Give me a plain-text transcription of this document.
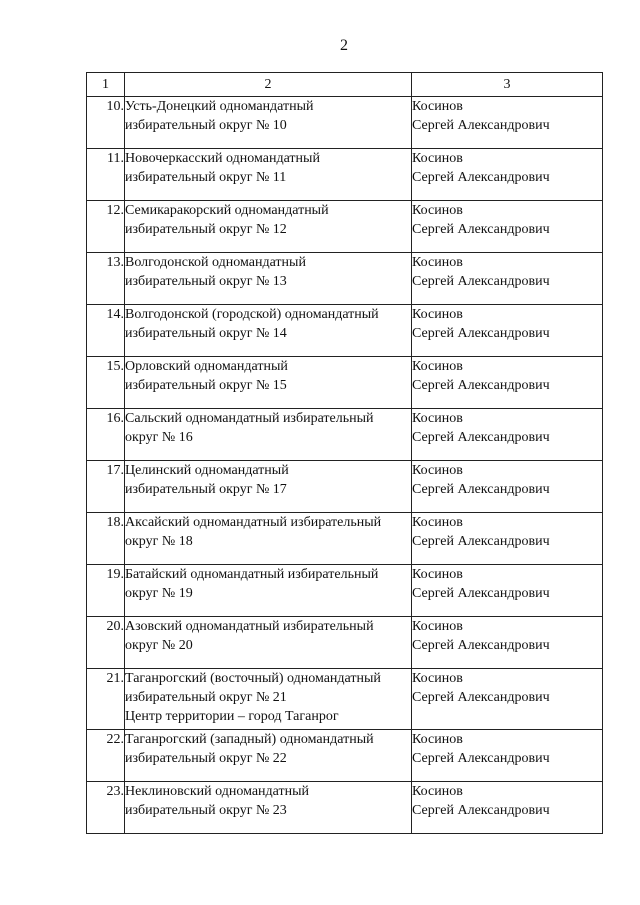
2
1	2	3
10.	Усть-Донецкий одномандатный
избирательный округ № 10	Косинов
Сергей Александрович

11.	Новочеркасский одномандатный
избирательный округ № 11	Косинов
Сергей Александрович

12.	Семикаракорский одномандатный
избирательный округ № 12	Косинов
Сергей Александрович

13.	Волгодонской одномандатный
избирательный округ № 13	Косинов
Сергей Александрович

14.	Волгодонской (городской) одномандатный
избирательный округ № 14	Косинов
Сергей Александрович

15.	Орловский одномандатный
избирательный округ № 15	Косинов
Сергей Александрович

16.	Сальский одномандатный избирательный
округ № 16	Косинов
Сергей Александрович

17.	Целинский одномандатный
избирательный округ № 17	Косинов
Сергей Александрович

18.	Аксайский одномандатный избирательный
округ № 18	Косинов
Сергей Александрович

19.	Батайский одномандатный избирательный
округ № 19	Косинов
Сергей Александрович

20.	Азовский одномандатный избирательный
округ № 20	Косинов
Сергей Александрович

21.	Таганрогский (восточный) одномандатный
избирательный округ № 21
Центр территории – город Таганрог	Косинов
Сергей Александрович

22.	Таганрогский (западный) одномандатный
избирательный округ № 22	Косинов
Сергей Александрович

23.	Неклиновский одномандатный
избирательный округ № 23	Косинов
Сергей Александрович
